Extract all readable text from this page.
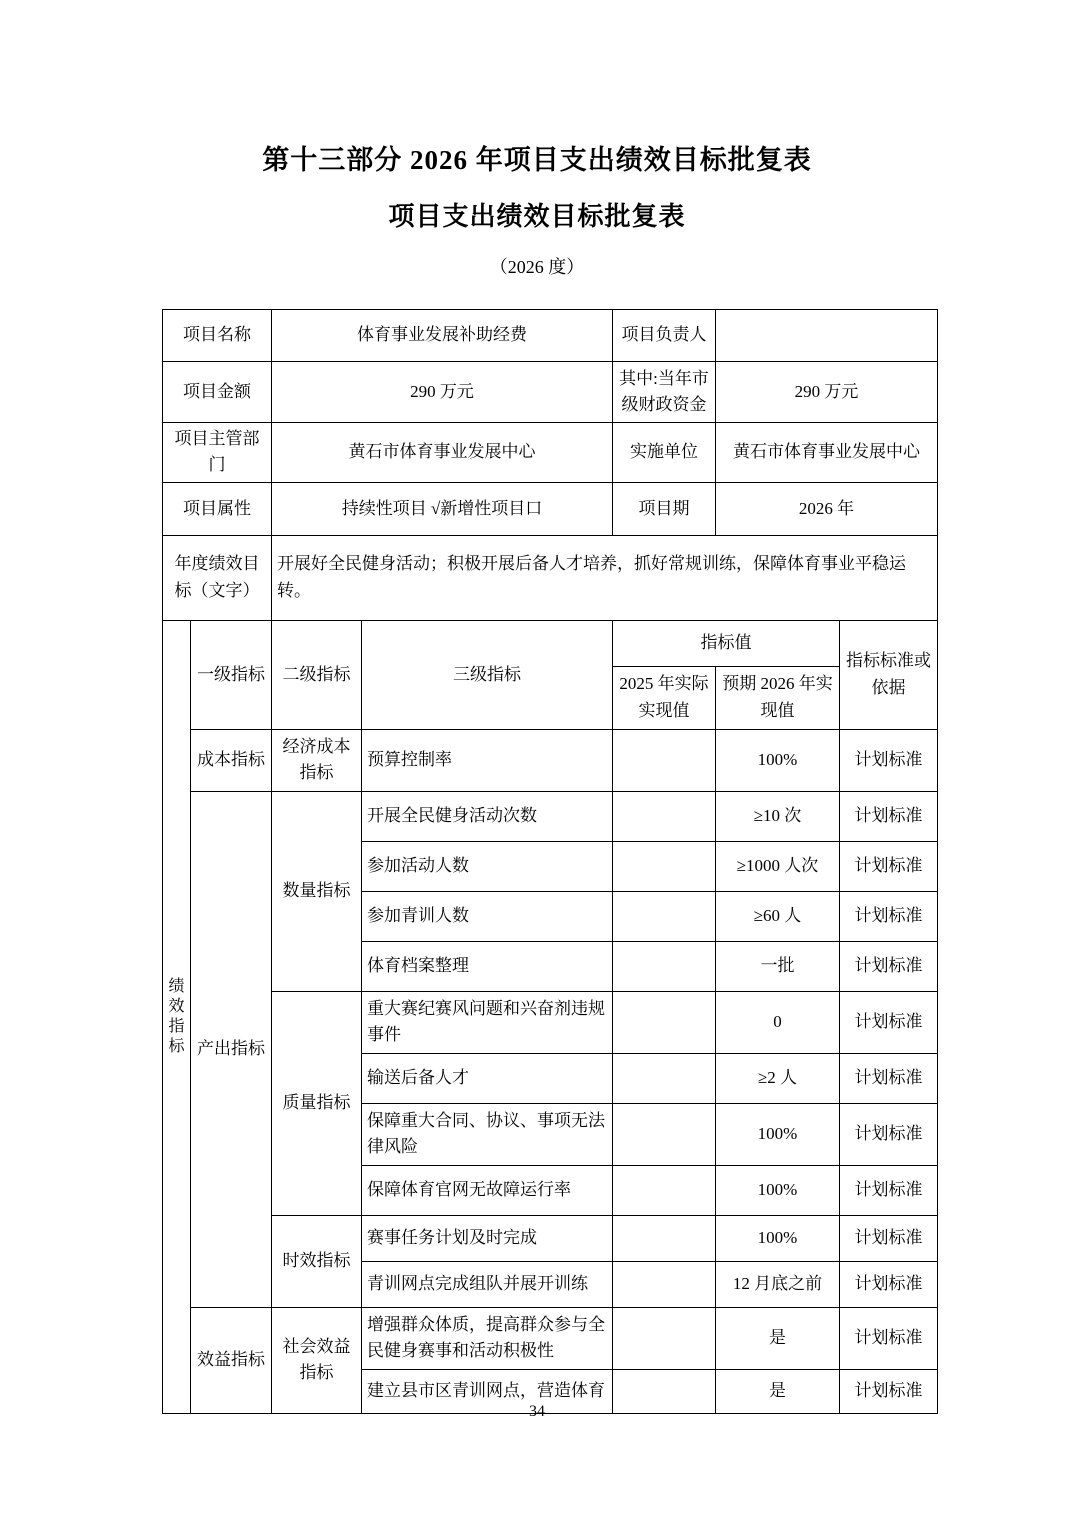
第十三部分 2026 年项目支出绩效目标批复表
项目支出绩效目标批复表
（2026 度）
项目名称		体育事业发展补助经费		项目负责人		
项目金额		290 万元		其中:当年市级财政资金	290 万元	
项目主管部门		黄石市体育事业发展中心		实施单位	黄石市体育事业发展中心	
项目属性		持续性项目 √新增性项目口		项目期	2026 年	
年度绩效目标（文字）		开展好全民健身活动；积极开展后备人才培养，抓好常规训练，保障体育事业平稳运转。				
绩效指标	一级指标	二级指标	三级指标	指标值		指标标准或依据
				2025 年实际实现值	预期 2026 年实现值	
	成本指标	经济成本指标	预算控制率		100%	计划标准
	产出指标	数量指标	开展全民健身活动次数		≥10 次	计划标准
			参加活动人数		≥1000 人次	计划标准
			参加青训人数		≥60 人	计划标准
			体育档案整理		一批	计划标准
		质量指标	重大赛纪赛风问题和兴奋剂违规事件		0	计划标准
			输送后备人才		≥2 人	计划标准
			保障重大合同、协议、事项无法律风险		100%	计划标准
			保障体育官网无故障运行率		100%	计划标准
		时效指标	赛事任务计划及时完成		100%	计划标准
			青训网点完成组队并展开训练		12 月底之前	计划标准
	效益指标	社会效益指标	增强群众体质，提高群众参与全民健身赛事和活动积极性		是	计划标准
			建立县市区青训网点，营造体育		是	计划标准
34
